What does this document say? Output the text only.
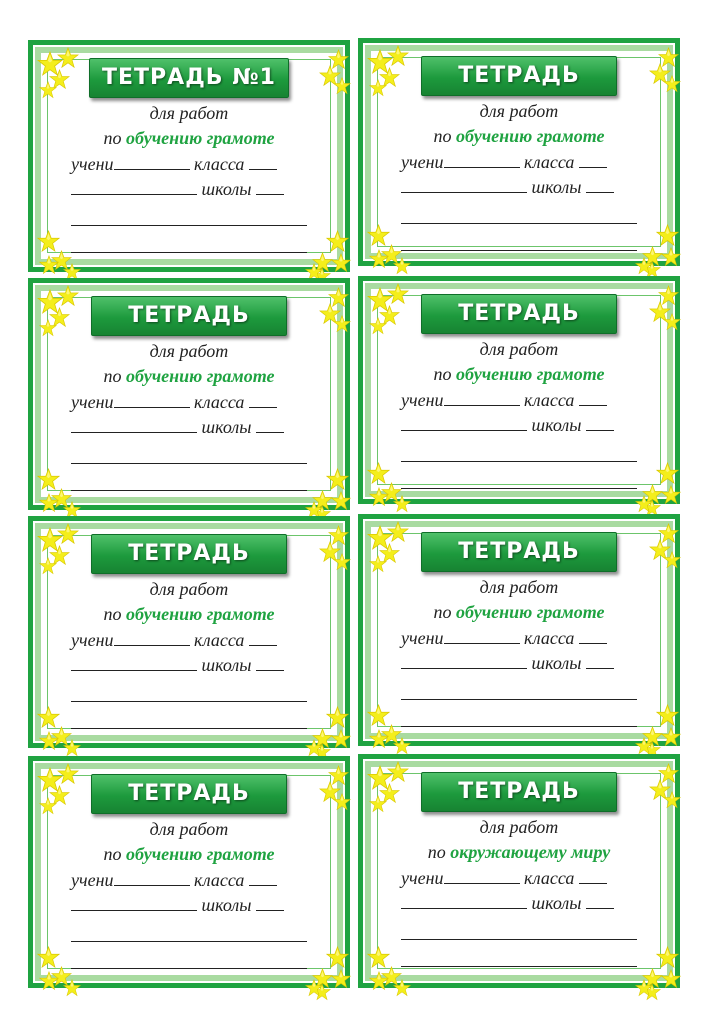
ТЕТРАДЬ №1
для работ
по обучению грамоте
учени	класса
школы
ТЕТРАДЬ
для работ
по обучению грамоте
учени	класса
школы
ТЕТРАДЬ
для работ
по обучению грамоте
учени	класса
школы
ТЕТРАДЬ
для работ
по обучению грамоте
учени	класса
школы
ТЕТРАДЬ
для работ
по обучению грамоте
учени	класса
школы
ТЕТРАДЬ
для работ
по обучению грамоте
учени	класса
школы
ТЕТРАДЬ
для работ
по обучению грамоте
учени	класса
школы
ТЕТРАДЬ
для работ
по окружающему миру
учени	класса
школы
